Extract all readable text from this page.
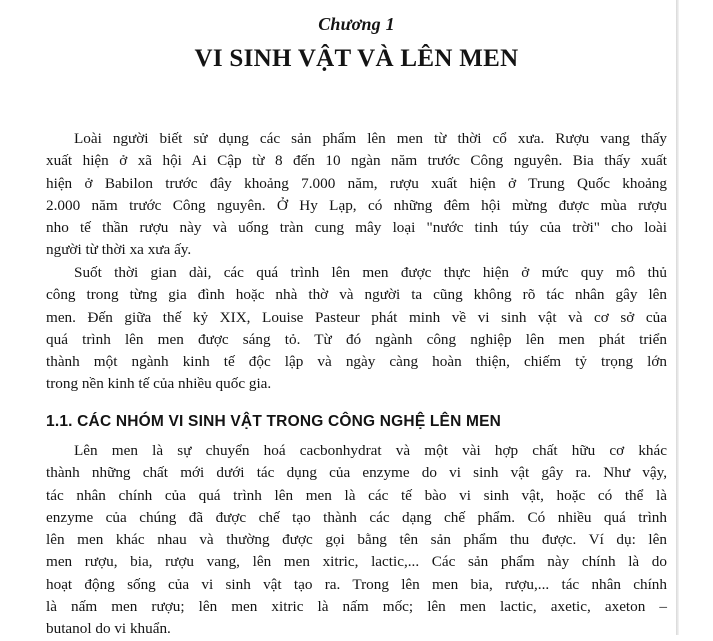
Chương 1
VI SINH VẬT VÀ LÊN MEN
Loài người biết sử dụng các sản phẩm lên men từ thời cổ xưa. Rượu vang thấy
xuất hiện ở xã hội Ai Cập từ 8 đến 10 ngàn năm trước Công nguyên. Bia thấy xuất
hiện ở Babilon trước đây khoảng 7.000 năm, rượu xuất hiện ở Trung Quốc khoảng
2.000 năm trước Công nguyên. Ở Hy Lạp, có những đêm hội mừng được mùa rượu
nho tế thần rượu này và uống tràn cung mây loại "nước tinh túy của trời" cho loài
người từ thời xa xưa ấy.
Suốt thời gian dài, các quá trình lên men được thực hiện ở mức quy mô thủ
công trong từng gia đình hoặc nhà thờ và người ta cũng không rõ tác nhân gây lên
men. Đến giữa thế kỷ XIX, Louise Pasteur phát minh về vi sinh vật và cơ sở của
quá trình lên men được sáng tỏ. Từ đó ngành công nghiệp lên men phát triển
thành một ngành kinh tế độc lập và ngày càng hoàn thiện, chiếm tỷ trọng lớn
trong nền kinh tế của nhiều quốc gia.
1.1. CÁC NHÓM VI SINH VẬT TRONG CÔNG NGHỆ LÊN MEN
Lên men là sự chuyển hoá cacbonhydrat và một vài hợp chất hữu cơ khác
thành những chất mới dưới tác dụng của enzyme do vi sinh vật gây ra. Như vậy,
tác nhân chính của quá trình lên men là các tế bào vi sinh vật, hoặc có thể là
enzyme của chúng đã được chế tạo thành các dạng chế phẩm. Có nhiều quá trình
lên men khác nhau và thường được gọi bằng tên sản phẩm thu được. Ví dụ: lên
men rượu, bia, rượu vang, lên men xitric, lactic,... Các sản phẩm này chính là do
hoạt động sống của vi sinh vật tạo ra. Trong lên men bia, rượu,... tác nhân chính
là nấm men rượu; lên men xitric là nấm mốc; lên men lactic, axetic, axeton –
butanol do vi khuẩn.
